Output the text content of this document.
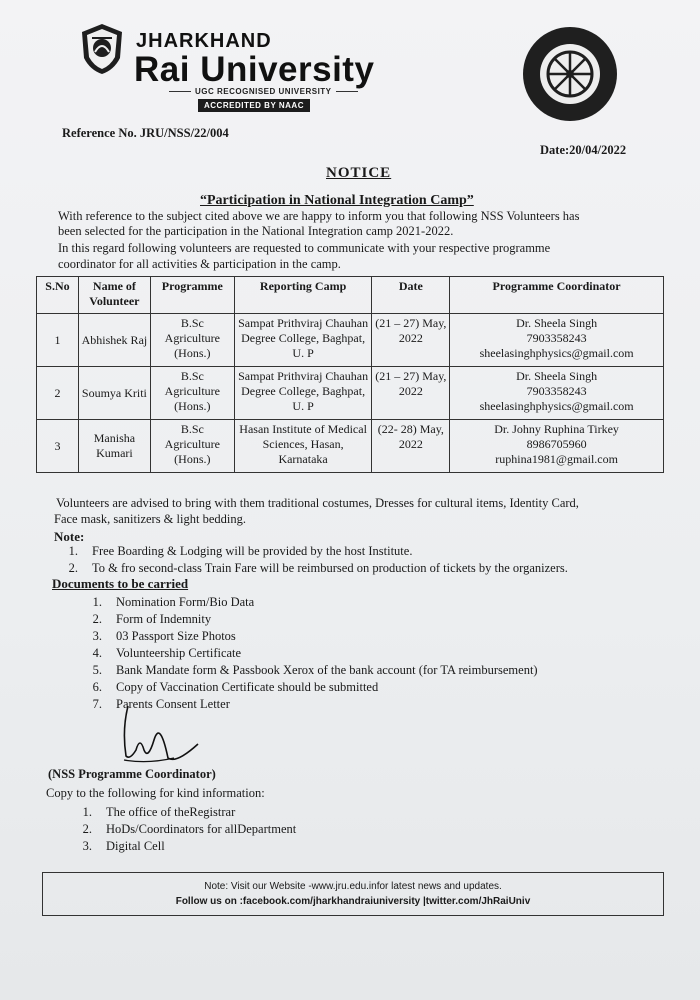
JHARKHAND
Rai University
UGC RECOGNISED UNIVERSITY
ACCREDITED BY NAAC
Reference No. JRU/NSS/22/004
Date:20/04/2022
NOTICE
“Participation in National Integration Camp”
With reference to the subject cited above we are happy to inform you that following NSS Volunteers has
been selected for the participation in the National Integration camp 2021-2022.
In this regard following volunteers are requested to communicate with your respective programme
coordinator for all activities & participation in the camp.
S.No	Name of Volunteer	Programme	Reporting Camp	Date	Programme Coordinator
1	Abhishek Raj	B.Sc Agriculture (Hons.)	Sampat Prithviraj Chauhan Degree College, Baghpat, U. P	(21 – 27) May, 2022	Dr. Sheela Singh
7903358243
sheelasinghphysics@gmail.com

2	Soumya Kriti	B.Sc Agriculture (Hons.)	Sampat Prithviraj Chauhan Degree College, Baghpat, U. P	(21 – 27) May, 2022	Dr. Sheela Singh
7903358243
sheelasinghphysics@gmail.com

3	Manisha Kumari	B.Sc Agriculture (Hons.)	Hasan Institute of Medical Sciences, Hasan, Karnataka	(22- 28) May, 2022	Dr. Johny Ruphina Tirkey
8986705960
ruphina1981@gmail.com
Volunteers are advised to bring with them traditional costumes, Dresses for cultural items, Identity Card,
Face mask, sanitizers & light bedding.
Note:
1. Free Boarding & Lodging will be provided by the host Institute.
2. To & fro second-class Train Fare will be reimbursed on production of tickets by the organizers.
Documents to be carried
1. Nomination Form/Bio Data
2. Form of Indemnity
3. 03 Passport Size Photos
4. Volunteership Certificate
5. Bank Mandate form & Passbook Xerox of the bank account (for TA reimbursement)
6. Copy of Vaccination Certificate should be submitted
7. Parents Consent Letter
(NSS Programme Coordinator)
Copy to the following for kind information:
1. The office of theRegistrar
2. HoDs/Coordinators for allDepartment
3. Digital Cell
Note: Visit our Website -www.jru.edu.infor latest news and updates.
Follow us on :facebook.com/jharkhandraiuniversity |twitter.com/JhRaiUniv
